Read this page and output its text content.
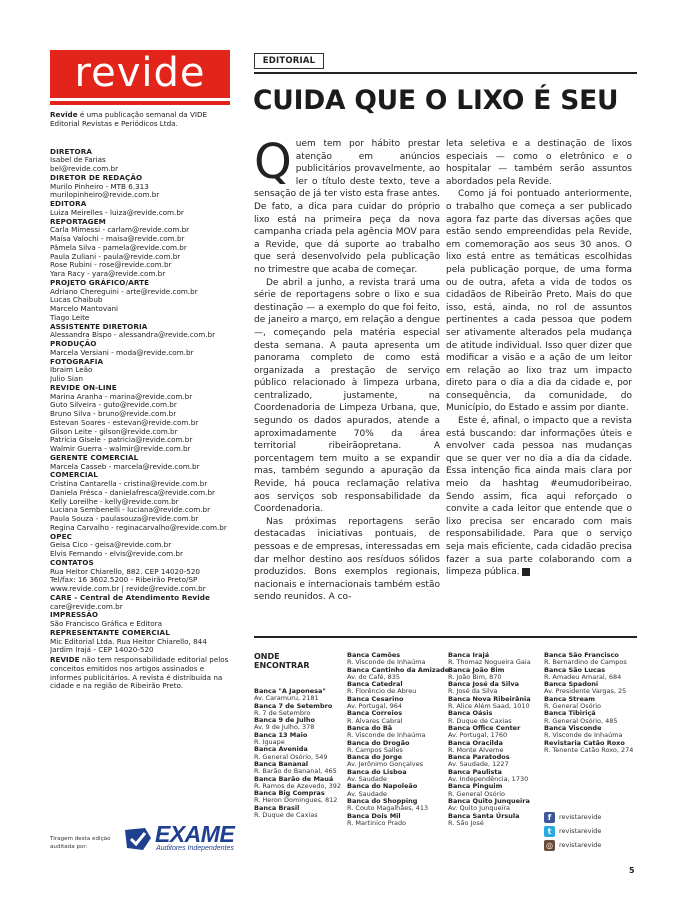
revide
Revide é uma publicação semanal da VIDE Editorial Revistas e Periódicos Ltda.
DIRETORA
Isabel de Farias
bel@revide.com.br
DIRETOR DE REDAÇÃO
Murilo Pinheiro - MTB 6.313
murilopinheiro@revide.com.br
EDITORA
Luiza Meirelles - luiza@revide.com.br
REPORTAGEM
Carla Mimessi - carlam@revide.com.br
Maísa Valochi - maisa@revide.com.br
Pâmela Silva - pamela@revide.com.br
Paula Zuliani - paula@revide.com.br
Rose Rubini - rose@revide.com.br
Yara Racy - yara@revide.com.br
PROJETO GRÁFICO/ARTE
Adriano Chereguini - arte@revide.com.br
Lucas Chaibub
Marcelo Mantovani
Tiago Leite
ASSISTENTE DIRETORIA
Alessandra Bispo - alessandra@revide.com.br
PRODUÇÃO
Marcela Versiani - moda@revide.com.br
FOTOGRAFIA
Ibraim Leão
Julio Sian
REVIDE ON-LINE
Marina Aranha - marina@revide.com.br
Guto Silveira - guto@revide.com.br
Bruno Silva - bruno@revide.com.br
Estevan Soares - estevan@revide.com.br
Gilson Leite - gilson@revide.com.br
Patrícia Gisele - patricia@revide.com.br
Walmir Guerra - walmir@revide.com.br
GERENTE COMERCIAL
Marcela Casseb - marcela@revide.com.br
COMERCIAL
Cristina Cantarella - cristina@revide.com.br
Daniela Frésca - danielafresca@revide.com.br
Kelly Loreilhe - kelly@revide.com.br
Luciana Sembenelli - luciana@revide.com.br
Paula Souza - paulasouza@revide.com.br
Regina Carvalho - reginacarvalho@revide.com.br
OPEC
Geisa Cico - geisa@revide.com.br
Elvis Fernando - elvis@revide.com.br
CONTATOS
Rua Heitor Chiarello, 882. CEP 14020-520
Tel/fax: 16 3602.5200 - Ribeirão Preto/SP
www.revide.com.br | revide@revide.com.br
CARE - Central de Atendimento Revide
care@revide.com.br
IMPRESSÃO
São Francisco Gráfica e Editora
REPRESENTANTE COMERCIAL
Mic Editorial Ltda. Rua Heitor Chiarello, 844
Jardim Irajá - CEP 14020-520
REVIDE não tem responsabilidade editorial pelos conceitos emitidos nos artigos assinados e informes publicitários. A revista é distribuída na cidade e na região de Ribeirão Preto.
Tiragem desta edição auditada por:	EXAME
Auditores Independentes
EDITORIAL
CUIDA QUE O LIXO É SEU
Q uem tem por hábito prestar atenção em anúncios publicitários provavelmente, ao ler o título deste texto, teve a sensação de já ter visto esta frase antes. De fato, a dica para cuidar do próprio lixo está na primeira peça da nova campanha criada pela agência MOV para a Revide, que dá suporte ao trabalho que será desenvolvido pela publicação no trimestre que acaba de começar.

De abril a junho, a revista trará uma série de reportagens sobre o lixo e sua destinação — a exemplo do que foi feito, de janeiro a março, em relação a dengue —, começando pela matéria especial desta semana. A pauta apresenta um panorama completo de como está organizada a prestação de serviço público relacionado à limpeza urbana, centralizado, justamente, na Coordenadoria de Limpeza Urbana, que, segundo os dados apurados, atende a aproximadamente 70% da área territorial ribeirãopretana. A porcentagem tem muito a se expandir mas, também segundo a apuração da Revide, há pouca reclamação relativa aos serviços sob responsabilidade da Coordenadoria.

Nas próximas reportagens serão destacadas iniciativas pontuais, de pessoas e de empresas, interessadas em dar melhor destino aos resíduos sólidos produzidos. Bons exemplos regionais, nacionais e internacionais também estão sendo reunidos. A co-

leta seletiva e a destinação de lixos especiais — como o eletrônico e o hospitalar — também serão assuntos abordados pela Revide.

Como já foi pontuado anteriormente, o trabalho que começa a ser publicado agora faz parte das diversas ações que estão sendo empreendidas pela Revide, em comemoração aos seus 30 anos. O lixo está entre as temáticas escolhidas pela publicação porque, de uma forma ou de outra, afeta a vida de todos os cidadãos de Ribeirão Preto. Mais do que isso, está, ainda, no rol de assuntos pertinentes a cada pessoa que podem ser ativamente alterados pela mudança de atitude individual. Isso quer dizer que modificar a visão e a ação de um leitor em relação ao lixo traz um impacto direto para o dia a dia da cidade e, por consequência, da comunidade, do Município, do Estado e assim por diante.

Este é, afinal, o impacto que a revista está buscando: dar informações úteis e envolver cada pessoa nas mudanças que se quer ver no dia a dia da cidade. Essa intenção fica ainda mais clara por meio da hashtag #eumudoribeirao. Sendo assim, fica aqui reforçado o convite a cada leitor que entende que o lixo precisa ser encarado com mais responsabilidade. Para que o serviço seja mais eficiente, cada cidadão precisa fazer a sua parte colaborando com a limpeza pública. r

ONDE
ENCONTRAR
Banca "A Japonesa"
Av. Caramuru, 2181
Banca 7 de Setembro
R. 7 de Setembro
Banca 9 de Julho
Av. 9 de Julho, 378
Banca 13 Maio
R. Iguape
Banca Avenida
R. General Osório, 549
Banca Bananal
R. Barão do Bananal, 465
Banca Barão de Mauá
R. Ramos de Azevedo, 392
Banca Big Compras
R. Heron Domingues, 812
Banca Brasil
R. Duque de Caxias
Banca Camões
R. Visconde de Inhaúma
Banca Cantinho da Amizade
Av. do Café, 835
Banca Catedral
R. Florêncio de Abreu
Banca Cesarino
Av. Portugal, 964
Banca Correios
R. Álvares Cabral
Banca do Bã
R. Visconde de Inhaúma
Banca do Drogão
R. Campos Salles
Banca do Jorge
Av. Jerônimo Gonçalves
Banca do Lisboa
Av. Saudade
Banca do Napoleão
Av. Saudade
Banca do Shopping
R. Couto Magalhães, 413
Banca Dois Mil
R. Martinico Prado
Banca Irajá
R. Thomaz Nogueira Gaia
Banca João Bim
R. João Bim, 870
Banca José da Silva
R. José da Silva
Banca Nova Ribeirânia
R. Alice Além Saad, 1010
Banca Oásis
R. Duque de Caxias
Banca Office Center
Av. Portugal, 1760
Banca Oracilda
R. Monte Alverne
Banca Paratodos
Av. Saudade, 1227
Banca Paulista
Av. Independência, 1730
Banca Pinguim
R. General Osório
Banca Quito Junqueira
Av. Quito Junqueira
Banca Santa Úrsula
R. São José
Banca São Francisco
R. Bernardino de Campos
Banca São Lucas
R. Amadeu Amaral, 684
Banca Spadoni
Av. Presidente Vargas, 25
Banca Stream
R. General Osório
Banca Tibiriçá
R. General Osório, 485
Banca Visconde
R. Visconde de Inhaúma
Revistaria Catão Roxo
R. Tenente Catão Roxo, 274
f	revistarevide
t	revistarevide
◎ revistarevide
5
